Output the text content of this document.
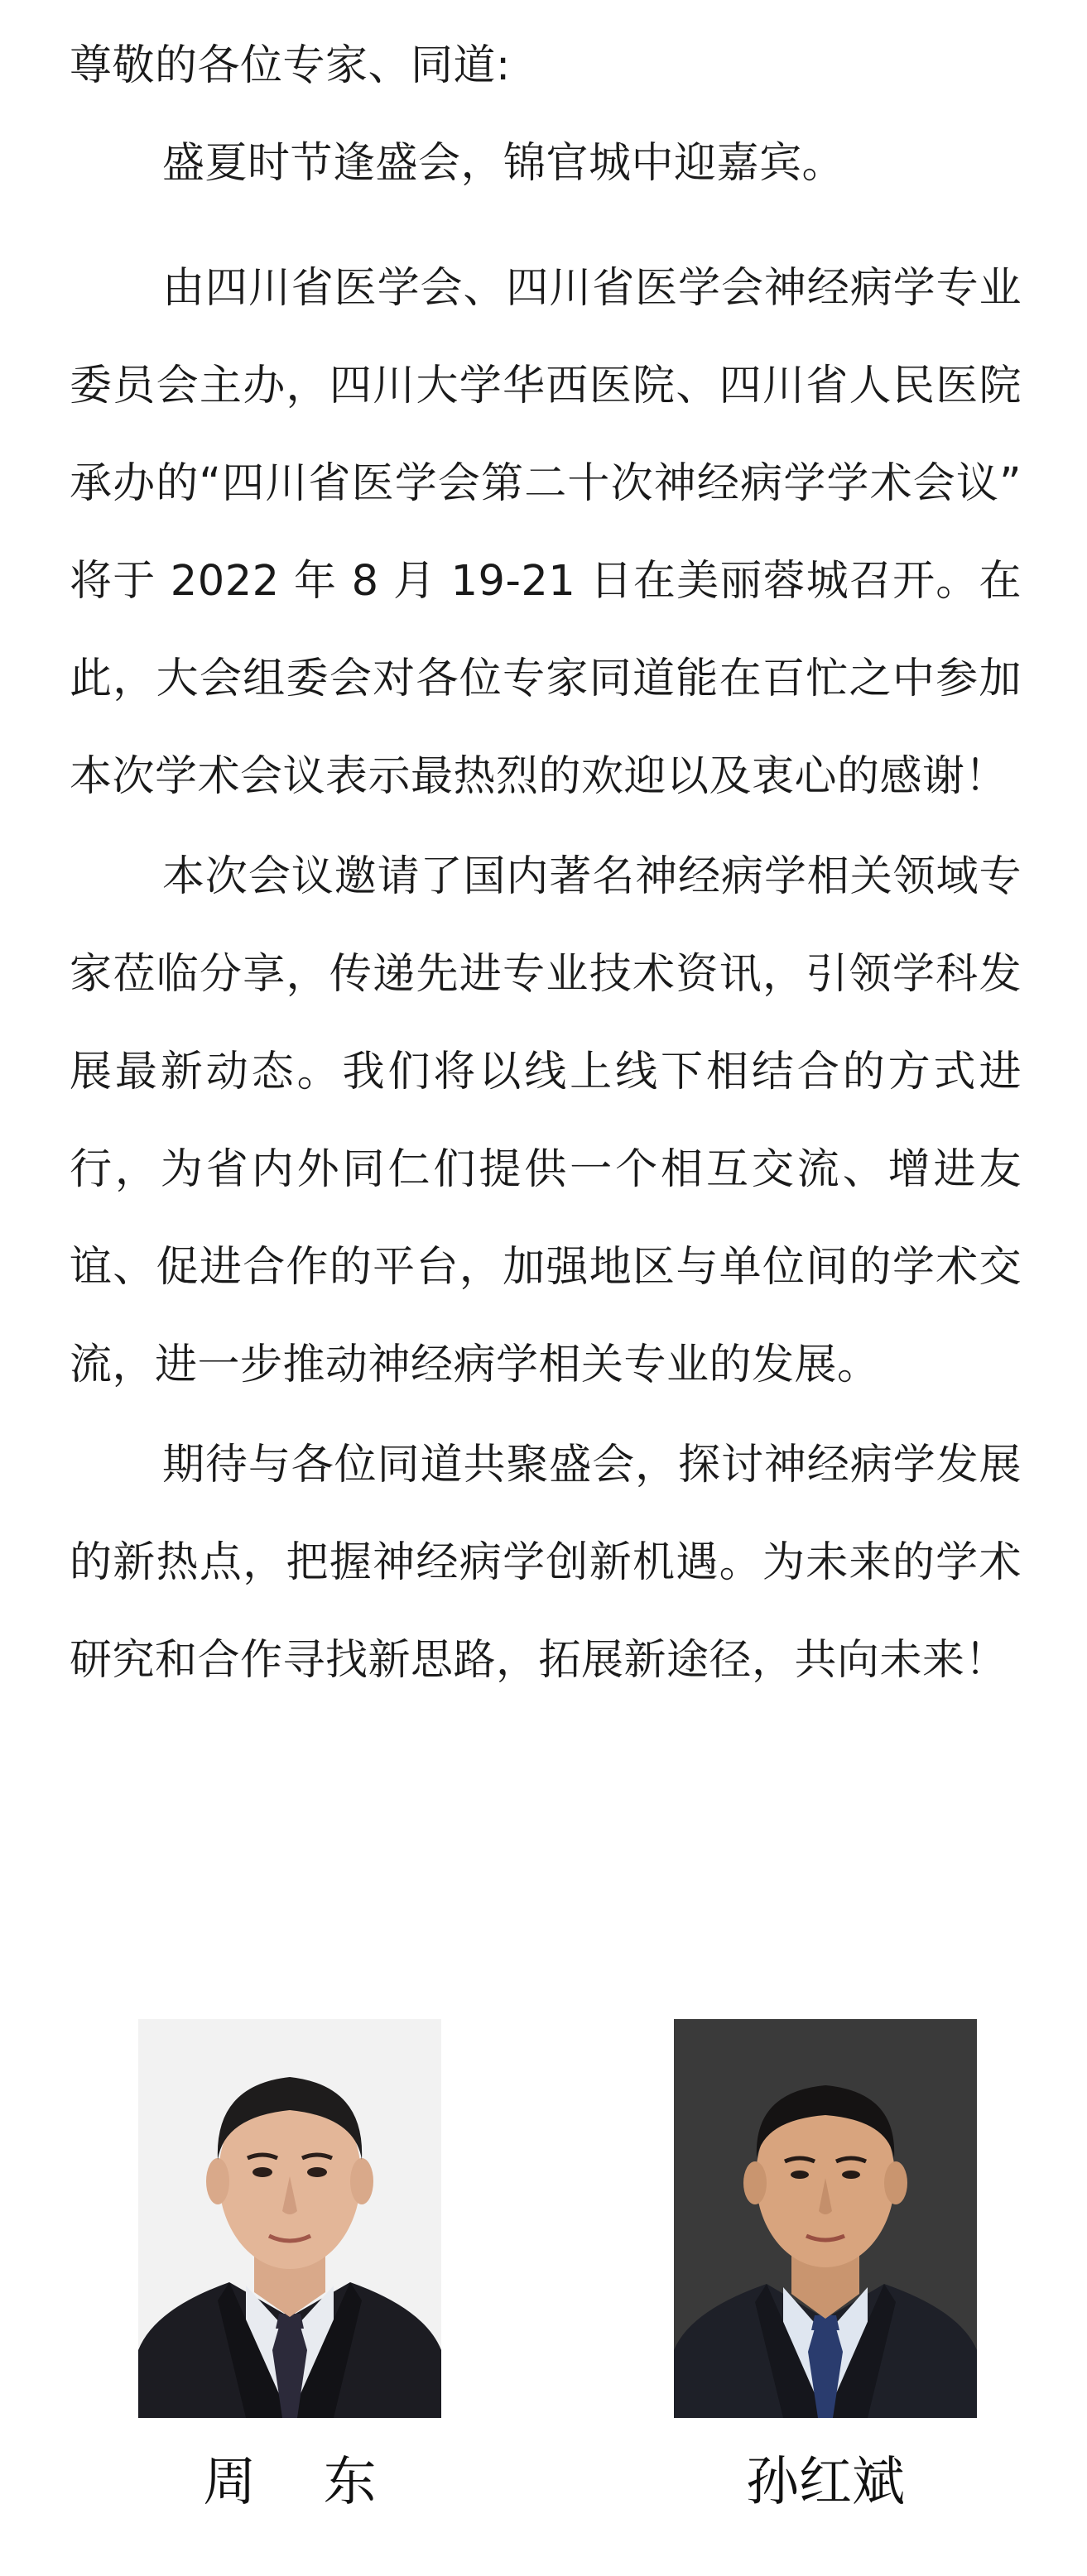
尊敬的各位专家、同道:

盛夏时节逢盛会，锦官城中迎嘉宾。

由四川省医学会、四川省医学会神经病学专业委员会主办，四川大学华西医院、四川省人民医院承办的“四川省医学会第二十次神经病学学术会议” 将于 2022 年 8 月 19-21 日在美丽蓉城召开。在此，大会组委会对各位专家同道能在百忙之中参加本次学术会议表示最热烈的欢迎以及衷心的感谢！

本次会议邀请了国内著名神经病学相关领域专家莅临分享，传递先进专业技术资讯，引领学科发展最新动态。我们将以线上线下相结合的方式进行，为省内外同仁们提供一个相互交流、增进友谊、促进合作的平台，加强地区与单位间的学术交流，进一步推动神经病学相关专业的发展。

期待与各位同道共聚盛会，探讨神经病学发展的新热点，把握神经病学创新机遇。为未来的学术研究和合作寻找新思路，拓展新途径，共向未来！

周    东	孙红斌
